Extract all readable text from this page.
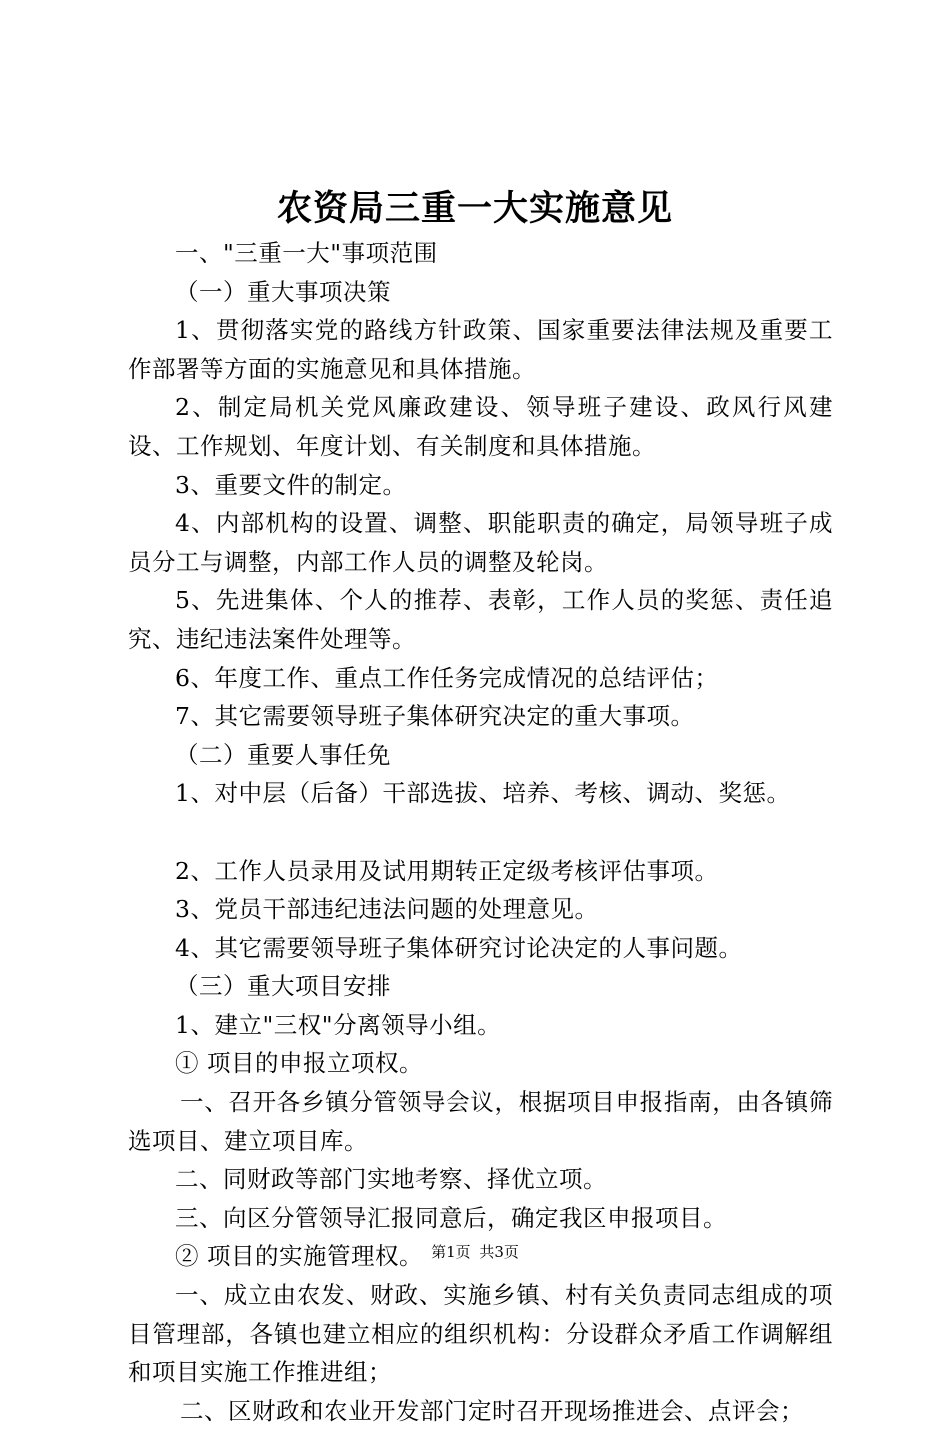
农资局三重一大实施意见

一、"三重一大"事项范围

（一）重大事项决策

1、贯彻落实党的路线方针政策、国家重要法律法规及重要工作部署等方面的实施意见和具体措施。

2、制定局机关党风廉政建设、领导班子建设、政风行风建设、工作规划、年度计划、有关制度和具体措施。

3、重要文件的制定。

4、内部机构的设置、调整、职能职责的确定，局领导班子成员分工与调整，内部工作人员的调整及轮岗。

5、先进集体、个人的推荐、表彰，工作人员的奖惩、责任追究、违纪违法案件处理等。

6、年度工作、重点工作任务完成情况的总结评估；

7、其它需要领导班子集体研究决定的重大事项。

（二）重要人事任免

1、对中层（后备）干部选拔、培养、考核、调动、奖惩。

2、工作人员录用及试用期转正定级考核评估事项。

3、党员干部违纪违法问题的处理意见。

4、其它需要领导班子集体研究讨论决定的人事问题。

（三）重大项目安排

1、建立"三权"分离领导小组。

① 项目的申报立项权。

一、召开各乡镇分管领导会议，根据项目申报指南，由各镇筛选项目、建立项目库。

二、同财政等部门实地考察、择优立项。

三、向区分管领导汇报同意后，确定我区申报项目。

② 项目的实施管理权。

一、成立由农发、财政、实施乡镇、村有关负责同志组成的项目管理部，各镇也建立相应的组织机构：分设群众矛盾工作调解组和项目实施工作推进组；

二、区财政和农业开发部门定时召开现场推进会、点评会；

第1页 共3页
